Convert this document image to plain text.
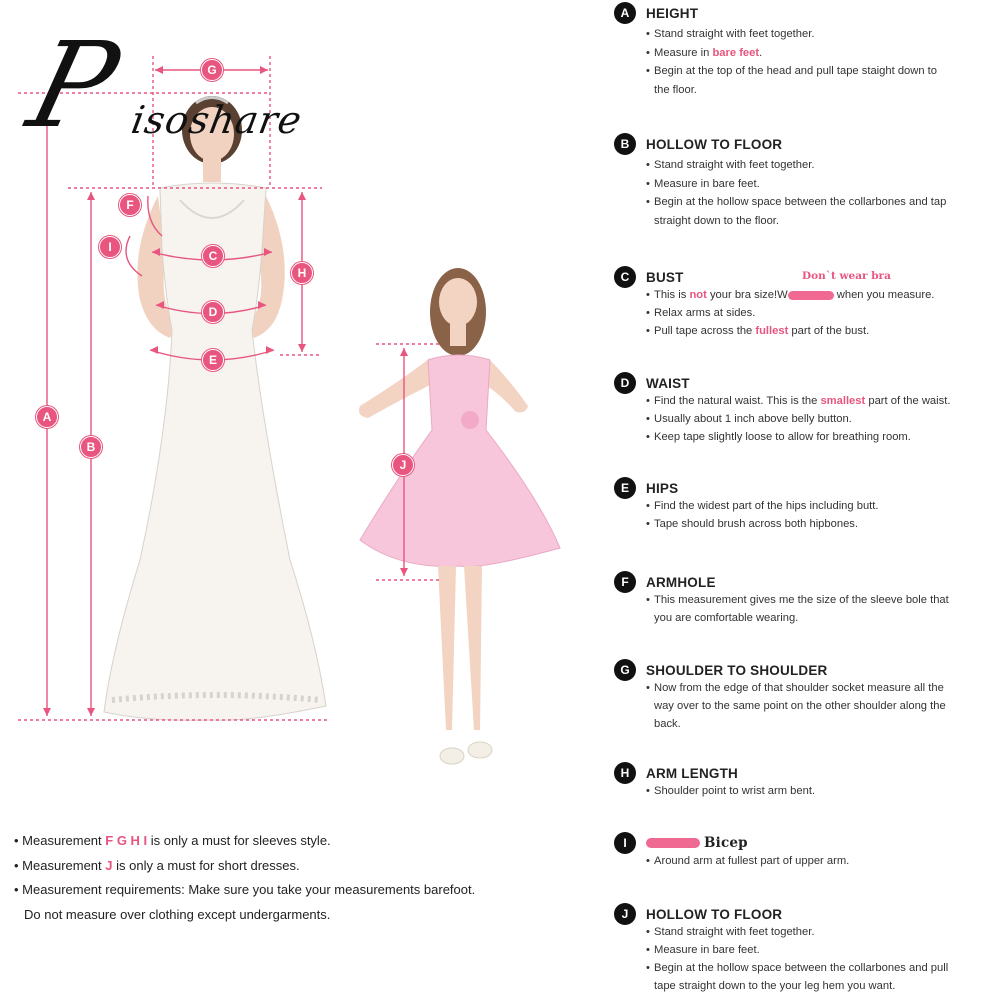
P
isoshare
G
F
I
C
H
D
E
A
B
J
• Measurement F G H I is only a must for sleeves style.
• Measurement J is only a must for short dresses.
• Measurement requirements: Make sure you take your measurements barefoot.
Do not measure over clothing except undergarments.
A	HEIGHT
• Stand straight with feet together.
• Measure in bare feet.
• Begin at the top of the head and pull tape staight down to
the floor.
B	HOLLOW TO FLOOR
• Stand straight with feet together.
• Measure in bare feet.
• Begin at the hollow space between the collarbones and tap
straight down to the floor.
C	BUST
• This is not your bra size!W	when you measure.
• Relax arms at sides.
• Pull tape across the fullest part of the bust.
D	WAIST
• Find the natural waist. This is the smallest part of the waist.
• Usually about 1 inch above belly button.
• Keep tape slightly loose to allow for breathing room.
E	HIPS
• Find the widest part of the hips including butt.
• Tape should brush across both hipbones.
F	ARMHOLE
• This measurement gives me the size of the sleeve bole that
you are comfortable wearing.
G	SHOULDER TO SHOULDER
• Now from the edge of that shoulder socket measure all the
way over to the same point on the other shoulder along the
back.
H	ARM LENGTH
• Shoulder point to wrist arm bent.
I	Bicep
• Around arm at fullest part of upper arm.
J	HOLLOW TO FLOOR
• Stand straight with feet together.
• Measure in bare feet.
• Begin at the hollow space between the collarbones and pull
tape straight down to the your leg hem you want.
Don`t wear bra
